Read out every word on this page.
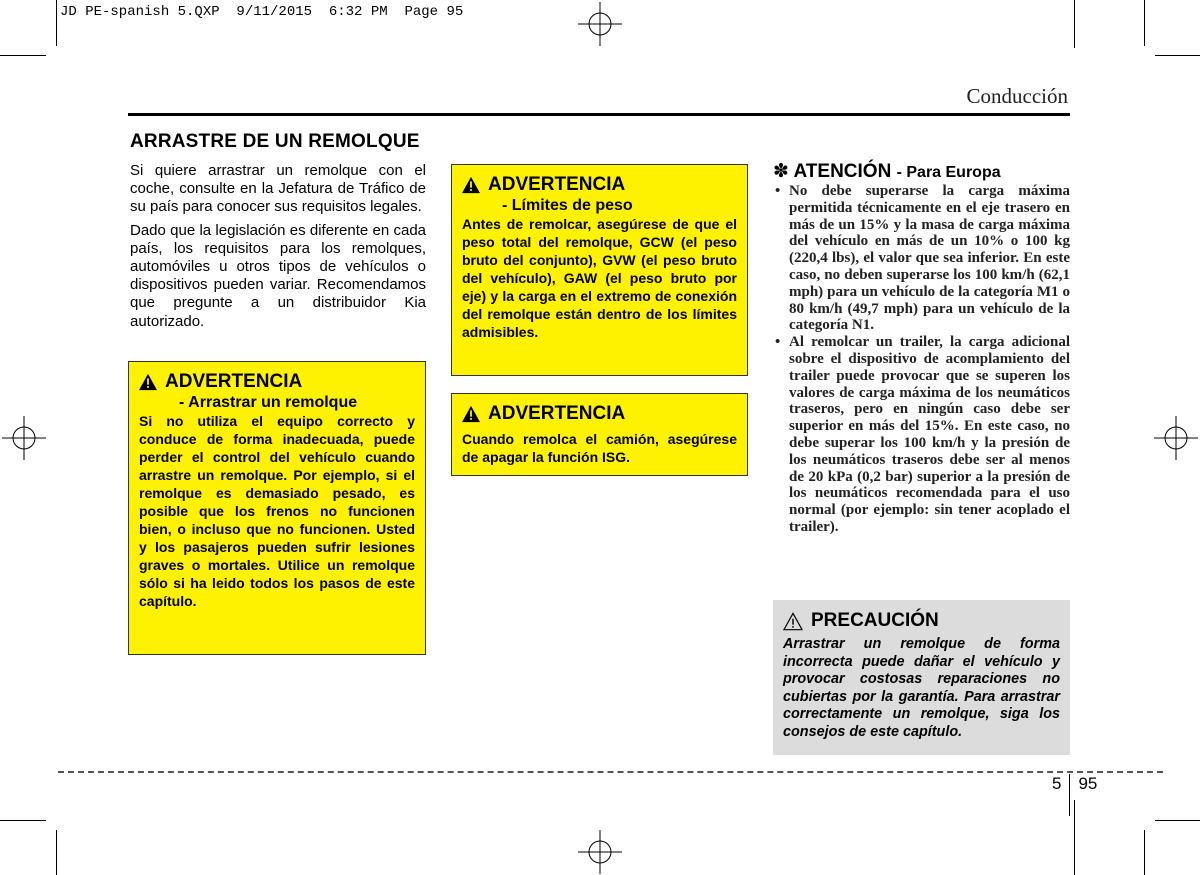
JD PE-spanish 5.QXP  9/11/2015  6:32 PM  Page 95
Conducción
ARRASTRE DE UN REMOLQUE

Si quiere arrastrar un remolque con el coche, consulte en la Jefatura de Tráfico de su país para conocer sus requisitos legales.

Dado que la legislación es diferente en cada país, los requisitos para los remolques, automóviles u otros tipos de vehículos o dispositivos pueden variar. Recomendamos que pregunte a un distribuidor Kia autorizado.

ADVERTENCIA
- Arrastrar un remolque
Si no utiliza el equipo correcto y conduce de forma inadecuada, puede perder el control del vehículo cuando arrastre un remolque. Por ejemplo, si el remolque es demasiado pesado, es posible que los frenos no funcionen bien, o incluso que no funcionen. Usted y los pasajeros pueden sufrir lesiones graves o mortales. Utilice un remolque sólo si ha leido todos los pasos de este capítulo.
ADVERTENCIA
- Límites de peso
Antes de remolcar, asegúrese de que el peso total del remolque, GCW (el peso bruto del conjunto), GVW (el peso bruto del vehículo), GAW (el peso bruto por eje) y la carga en el extremo de conexión del remolque están dentro de los límites admisibles.
ADVERTENCIA
Cuando remolca el camión, asegúrese de apagar la función ISG.
✽ ATENCIÓN - Para Europa
• No debe superarse la carga máxima permitida técnicamente en el eje trasero en más de un 15% y la masa de carga máxima del vehículo en más de un 10% o 100 kg (220,4 lbs), el valor que sea inferior. En este caso, no deben superarse los 100 km/h (62,1 mph) para un vehículo de la categoría M1 o 80 km/h (49,7 mph) para un vehículo de la categoría N1.
• Al remolcar un trailer, la carga adicional sobre el dispositivo de acomplamiento del trailer puede provocar que se superen los valores de carga máxima de los neumáticos traseros, pero en ningún caso debe ser superior en más del 15%. En este caso, no debe superar los 100 km/h y la presión de los neumáticos traseros debe ser al menos de 20 kPa (0,2 bar) superior a la presión de los neumáticos recomendada para el uso normal (por ejemplo: sin tener acoplado el trailer).
PRECAUCIÓN
Arrastrar un remolque de forma incorrecta puede dañar el vehículo y provocar costosas reparaciones no cubiertas por la garantía. Para arrastrar correctamente un remolque, siga los consejos de este capítulo.
5 95
